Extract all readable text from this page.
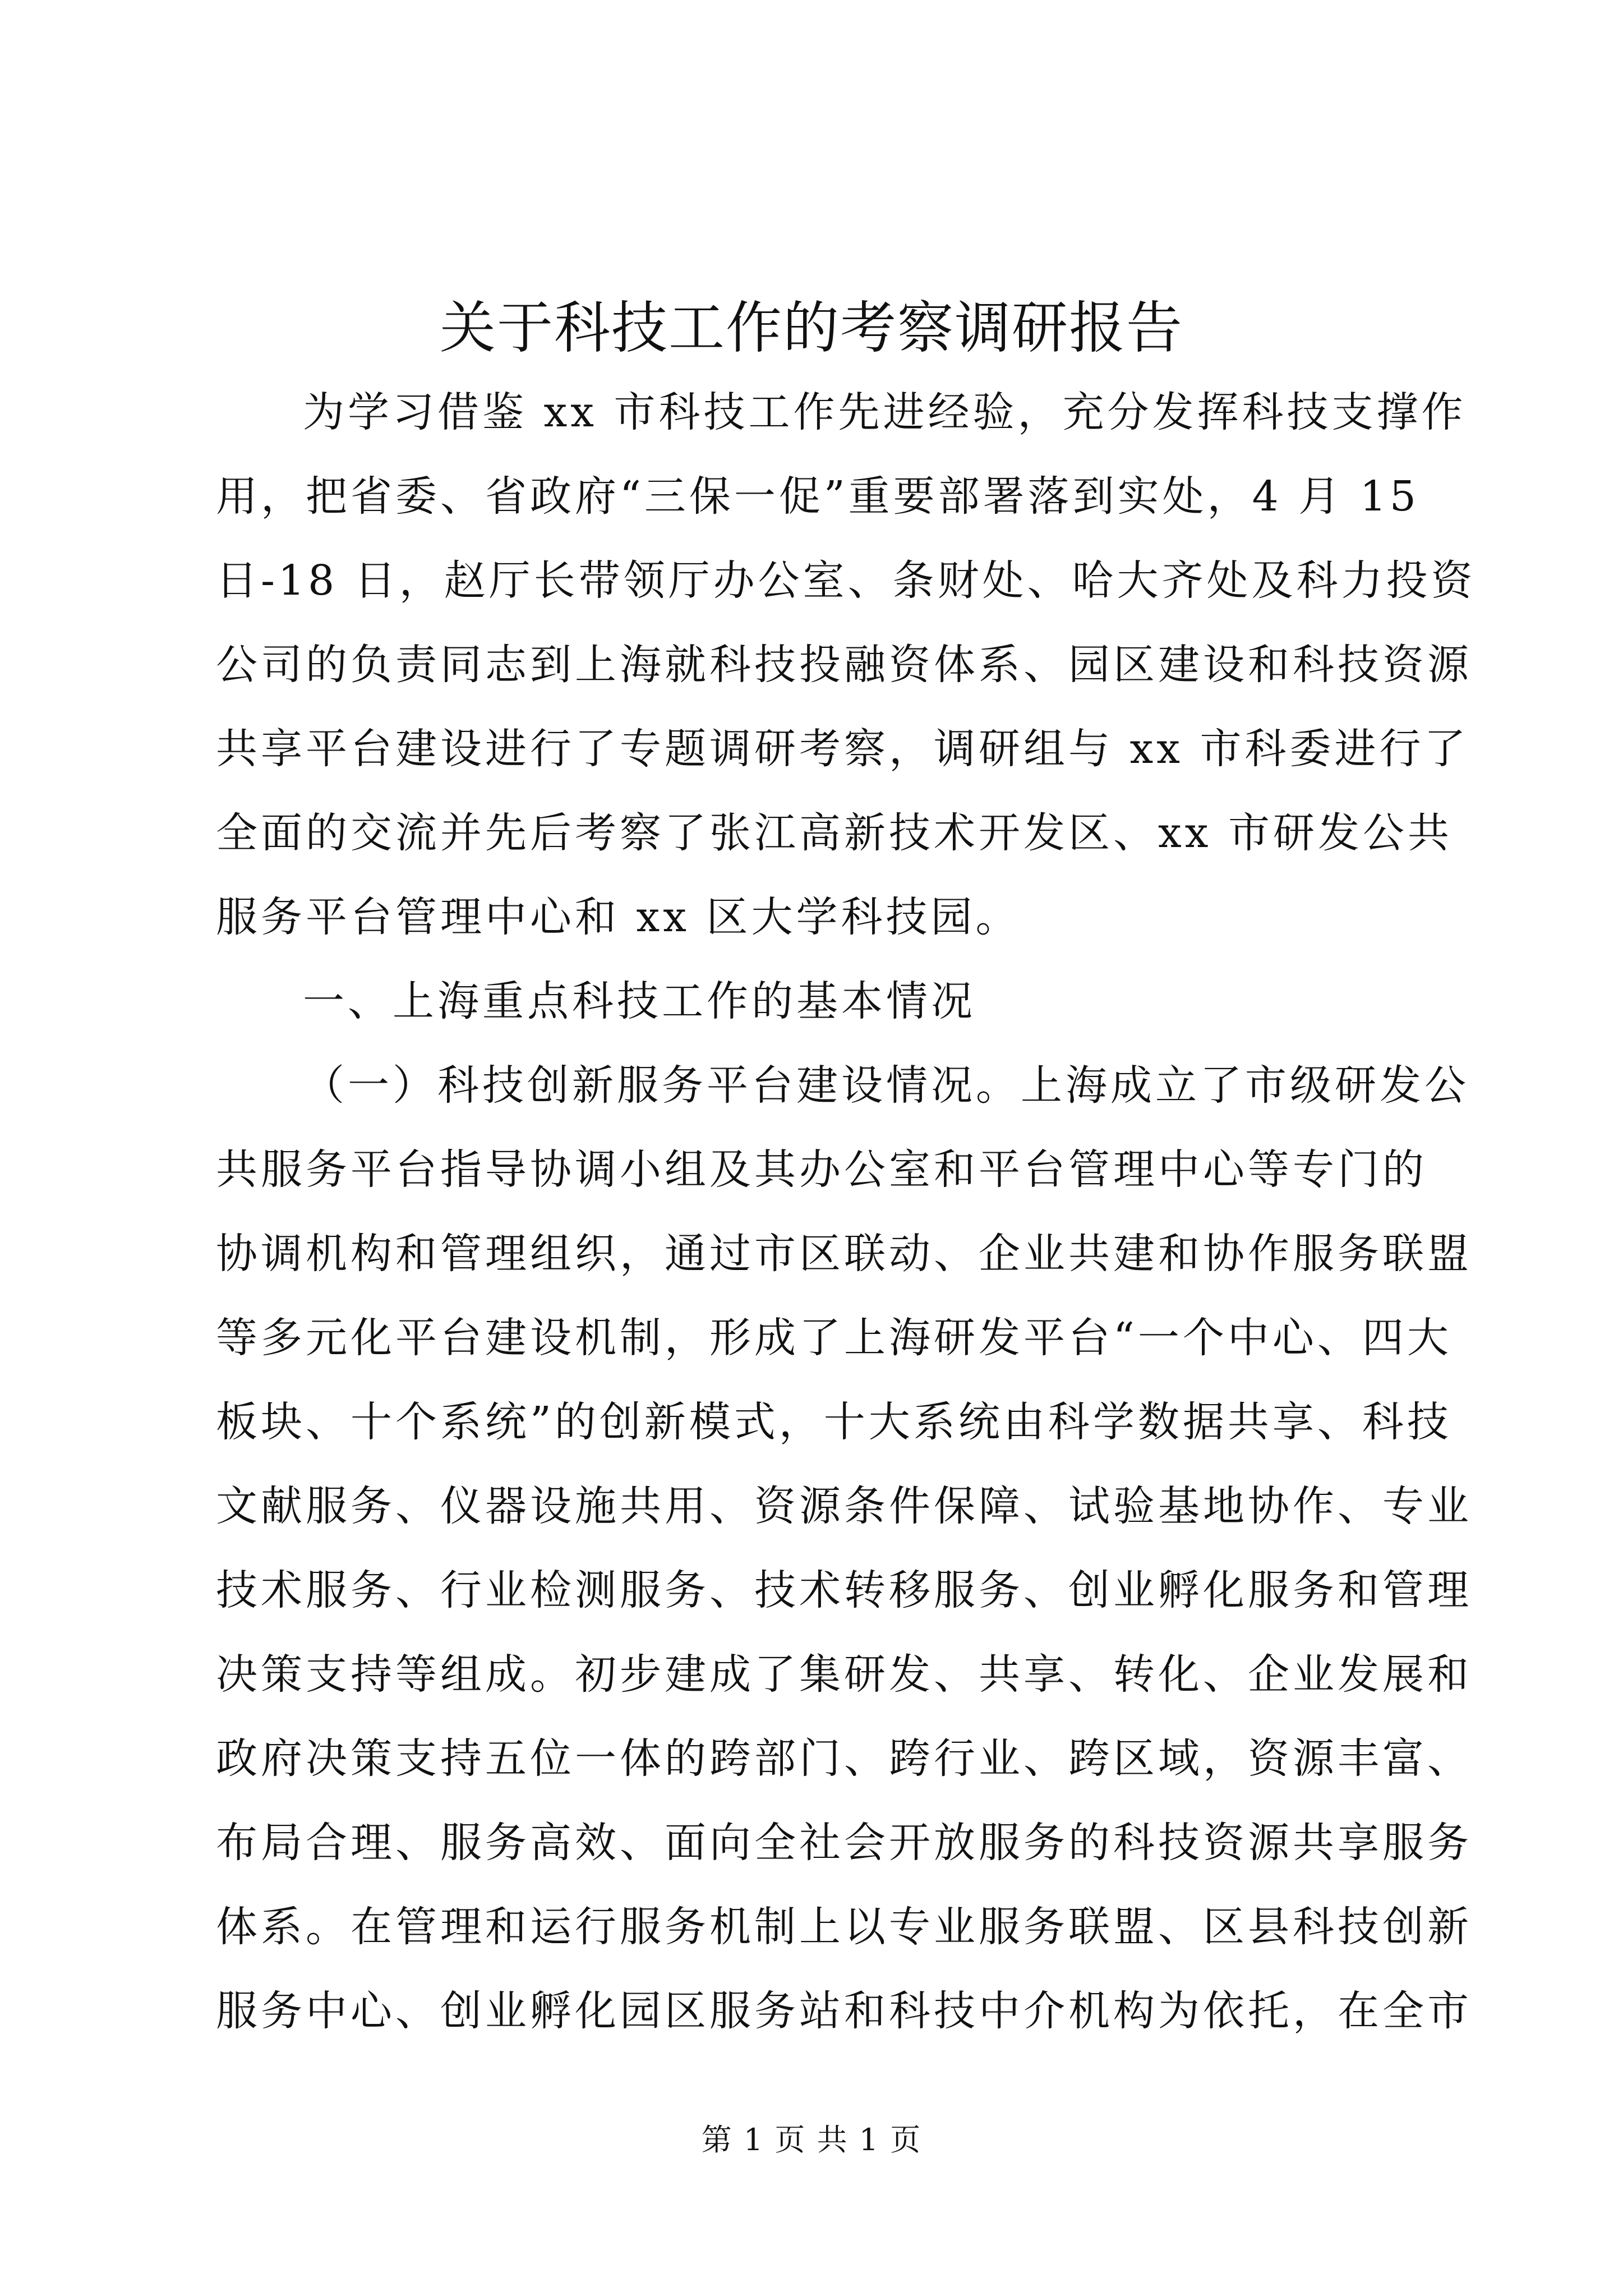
关于科技工作的考察调研报告

为学习借鉴 xx 市科技工作先进经验，充分发挥科技支撑作

用，把省委、省政府“三保一促”重要部署落到实处，4 月 15

日-18 日，赵厅长带领厅办公室、条财处、哈大齐处及科力投资

公司的负责同志到上海就科技投融资体系、园区建设和科技资源

共享平台建设进行了专题调研考察，调研组与 xx 市科委进行了

全面的交流并先后考察了张江高新技术开发区、xx 市研发公共

服务平台管理中心和 xx 区大学科技园。

一、上海重点科技工作的基本情况

（一）科技创新服务平台建设情况。上海成立了市级研发公

共服务平台指导协调小组及其办公室和平台管理中心等专门的

协调机构和管理组织，通过市区联动、企业共建和协作服务联盟

等多元化平台建设机制，形成了上海研发平台“一个中心、四大

板块、十个系统”的创新模式，十大系统由科学数据共享、科技

文献服务、仪器设施共用、资源条件保障、试验基地协作、专业

技术服务、行业检测服务、技术转移服务、创业孵化服务和管理

决策支持等组成。初步建成了集研发、共享、转化、企业发展和

政府决策支持五位一体的跨部门、跨行业、跨区域，资源丰富、

布局合理、服务高效、面向全社会开放服务的科技资源共享服务

体系。在管理和运行服务机制上以专业服务联盟、区县科技创新

服务中心、创业孵化园区服务站和科技中介机构为依托，在全市

第 1 页 共 1 页
